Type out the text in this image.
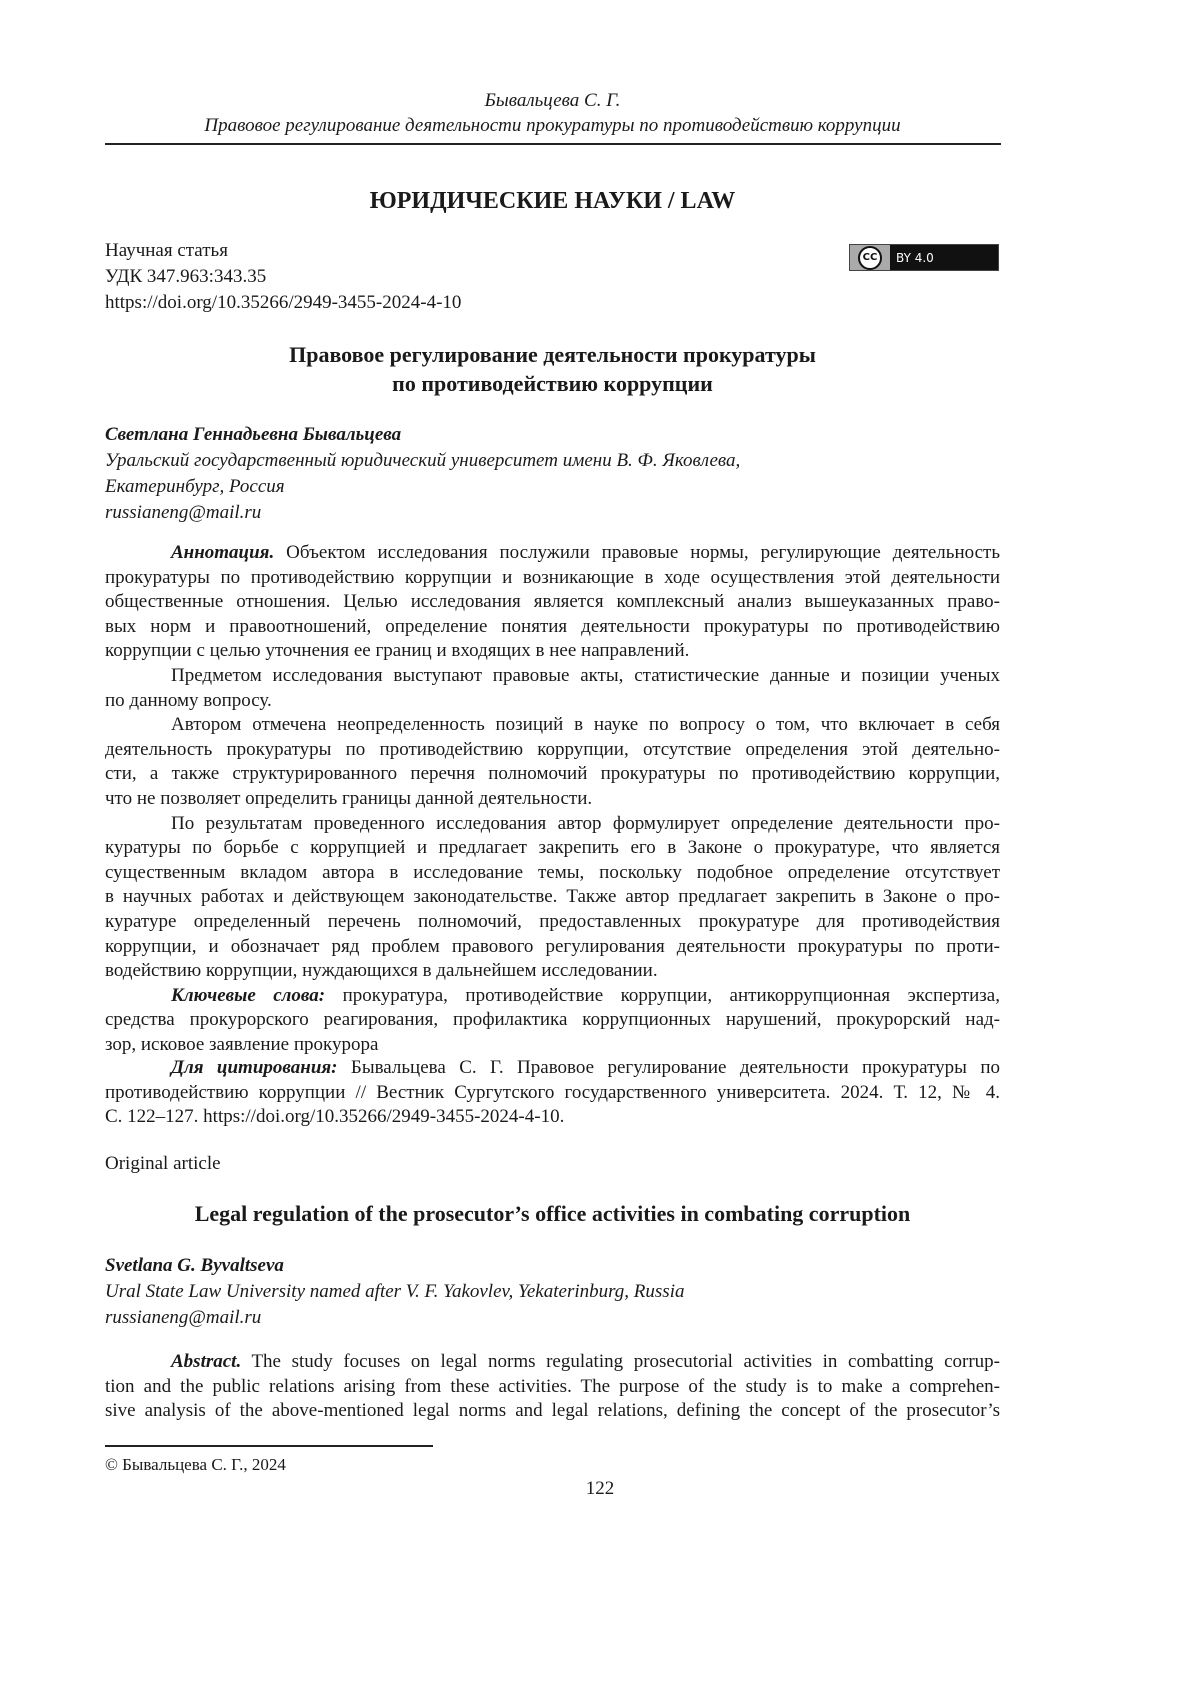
Бывальцева С. Г.
Правовое регулирование деятельности прокуратуры по противодействию коррупции
ЮРИДИЧЕСКИЕ НАУКИ / LAW
Научная статья
УДК 347.963:343.35
https://doi.org/10.35266/2949-3455-2024-4-10
CC	BY 4.0
Правовое регулирование деятельности прокуратуры
по противодействию коррупции
Светлана Геннадьевна Бывальцева
Уральский государственный юридический университет имени В. Ф. Яковлева,
Екатеринбург, Россия
russianeng@mail.ru
Аннотация. Объектом исследования послужили правовые нормы, регулирующие деятельность
прокуратуры по противодействию коррупции и возникающие в ходе осуществления этой деятельности
общественные отношения. Целью исследования является комплексный анализ вышеуказанных право-
вых норм и правоотношений, определение понятия деятельности прокуратуры по противодействию
коррупции с целью уточнения ее границ и входящих в нее направлений.
Предметом исследования выступают правовые акты, статистические данные и позиции ученых
по данному вопросу.
Автором отмечена неопределенность позиций в науке по вопросу о том, что включает в себя
деятельность прокуратуры по противодействию коррупции, отсутствие определения этой деятельно-
сти, а также структурированного перечня полномочий прокуратуры по противодействию коррупции,
что не позволяет определить границы данной деятельности.
По результатам проведенного исследования автор формулирует определение деятельности про-
куратуры по борьбе с коррупцией и предлагает закрепить его в Законе о прокуратуре, что является
существенным вкладом автора в исследование темы, поскольку подобное определение отсутствует
в научных работах и действующем законодательстве. Также автор предлагает закрепить в Законе о про-
куратуре определенный перечень полномочий, предоставленных прокуратуре для противодействия
коррупции, и обозначает ряд проблем правового регулирования деятельности прокуратуры по проти-
водействию коррупции, нуждающихся в дальнейшем исследовании.
Ключевые слова: прокуратура, противодействие коррупции, антикоррупционная экспертиза,
средства прокурорского реагирования, профилактика коррупционных нарушений, прокурорский над-
зор, исковое заявление прокурора
Для цитирования: Бывальцева С. Г. Правовое регулирование деятельности прокуратуры по
противодействию коррупции // Вестник Сургутского государственного университета. 2024. Т. 12, № 4.
С. 122–127. https://doi.org/10.35266/2949-3455-2024-4-10.
Original article
Legal regulation of the prosecutor’s office activities in combating corruption
Svetlana G. Byvaltseva
Ural State Law University named after V. F. Yakovlev, Yekaterinburg, Russia
russianeng@mail.ru
Abstract. The study focuses on legal norms regulating prosecutorial activities in combatting corrup-
tion and the public relations arising from these activities. The purpose of the study is to make a comprehen-
sive analysis of the above-mentioned legal norms and legal relations, defining the concept of the prosecutor’s
© Бывальцева С. Г., 2024
122
